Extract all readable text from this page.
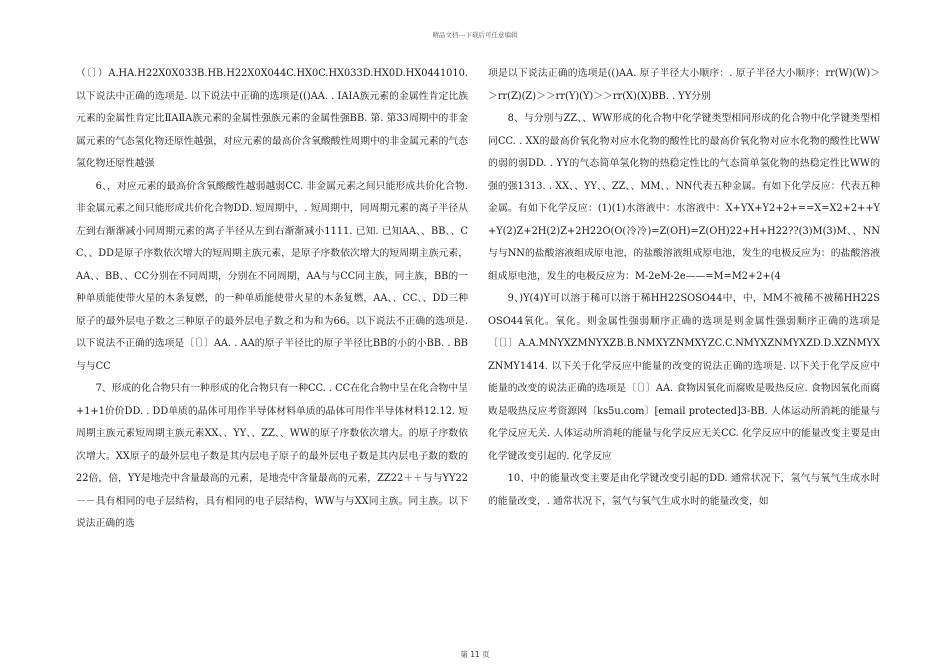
精品文档---下载后可任意编辑

（〔〕）A.HA.H22X0X033B.HB.H22X0X044C.HX0C.HX033D.HX0D.HX0441010. 以下说法中正确的选项是. 以下说法中正确的选项是(()AA. . ⅠAⅠA族元素的金属性肯定比族元素的金属性肯定比ⅡAⅡA族元素的金属性强族元素的金属性强BB. 第. 第33周期中的非金属元素的气态氢化物还原性越强，对应元素的最高价含氧酸酸性周期中的非金属元素的气态氢化物还原性越强

6、，对应元素的最高价含氧酸酸性越弱越弱CC. 非金属元素之间只能形成共价化合物. 非金属元素之间只能形成共价化合物DD. 短周期中，. 短周期中，同周期元素的离子半径从左到右渐渐减小同周期元素的离子半径从左到右渐渐减小1111. 已知. 已知AA、、BB、、CC、、DD是原子序数依次增大的短周期主族元素，是原子序数依次增大的短周期主族元素，AA、、BB、、CC分别在不同周期，分别在不同周期，AA与与CC同主族，同主族，BB的一种单质能使带火星的木条复燃，的一种单质能使带火星的木条复燃，AA、、CC、、DD三种原子的最外层电子数之三种原子的最外层电子数之和为和为66。以下说法不正确的选项是. 以下说法不正确的选项是〔〔〕〕AA. . AA的原子半径比的原子半径比BB的小的小BB. . BB与与CC

7、形成的化合物只有一种形成的化合物只有一种CC. . CC在化合物中呈在化合物中呈+1+1价价DD. . DD单质的晶体可用作半导体材料单质的晶体可用作半导体材料12.12. 短周期主族元素短周期主族元素XX、、YY、、ZZ、、WW的原子序数依次增大。的原子序数依次增大。XX原子的最外层电子数是其内层电子原子的最外层电子数是其内层电子数的数的22倍，倍，YY是地壳中含量最高的元素，是地壳中含量最高的元素，ZZ22＋＋与与YY22－－具有相同的电子层结构，具有相同的电子层结构，WW与与XX同主族。同主族。以下说法正确的选

项是以下说法正确的选项是(()AA. 原子半径大小顺序：. 原子半径大小顺序：rr(W)(W)＞＞rr(Z)(Z)＞＞rr(Y)(Y)＞＞rr(X)(X)BB. . YY分别

8、与分别与ZZ、、WW形成的化合物中化学键类型相同形成的化合物中化学键类型相同CC. . XX的最高价氧化物对应水化物的酸性比的最高价氧化物对应水化物的酸性比WW的弱的弱DD. . YY的气态简单氢化物的热稳定性比的气态简单氢化物的热稳定性比WW的强的强1313. . XX、、YY、、ZZ、、MM、、NN代表五种金属。有如下化学反应：代表五种金属。有如下化学反应：(1)(1)水溶液中：水溶液中：X+YX+Y2+2+==X=X2+2++Y+Y(2)Z+2H(2)Z+2H22O(O(冷冷)=Z(OH)=Z(OH)22+H+H22??(3)M(3)M、、NN与与NN的盐酸溶液组成原电池，的盐酸溶液组成原电池，发生的电极反应为：的盐酸溶液组成原电池，发生的电极反应为：M-2eM-2e——=M=M2+2+(4

9、)Y(4)Y可以溶于稀可以溶于稀HH22SOSO44中，中，MM不被稀不被稀HH22SOSO44氧化。氧化。则金属性强弱顺序正确的选项是则金属性强弱顺序正确的选项是〔〔〕〕A.A.MNYXZMNYXZB.B.NMXYZNMXYZC.C.NMYXZNMYXZD.D.XZNMYXZNMY1414. 以下关于化学反应中能量的改变的说法正确的选项是. 以下关于化学反应中能量的改变的说法正确的选项是〔〔〕〕AA. 食物因氧化而腐败是吸热反应. 食物因氧化而腐败是吸热反应考资源网〔ks5u.com〕[email protected]3-BB. 人体运动所消耗的能量与化学反应无关. 人体运动所消耗的能量与化学反应无关CC. 化学反应中的能量改变主要是由化学键改变引起的. 化学反应

10、中的能量改变主要是由化学键改变引起的DD. 通常状况下，氢气与氧气生成水时的能量改变，. 通常状况下，氢气与氧气生成水时的能量改变，如

第 11 页
